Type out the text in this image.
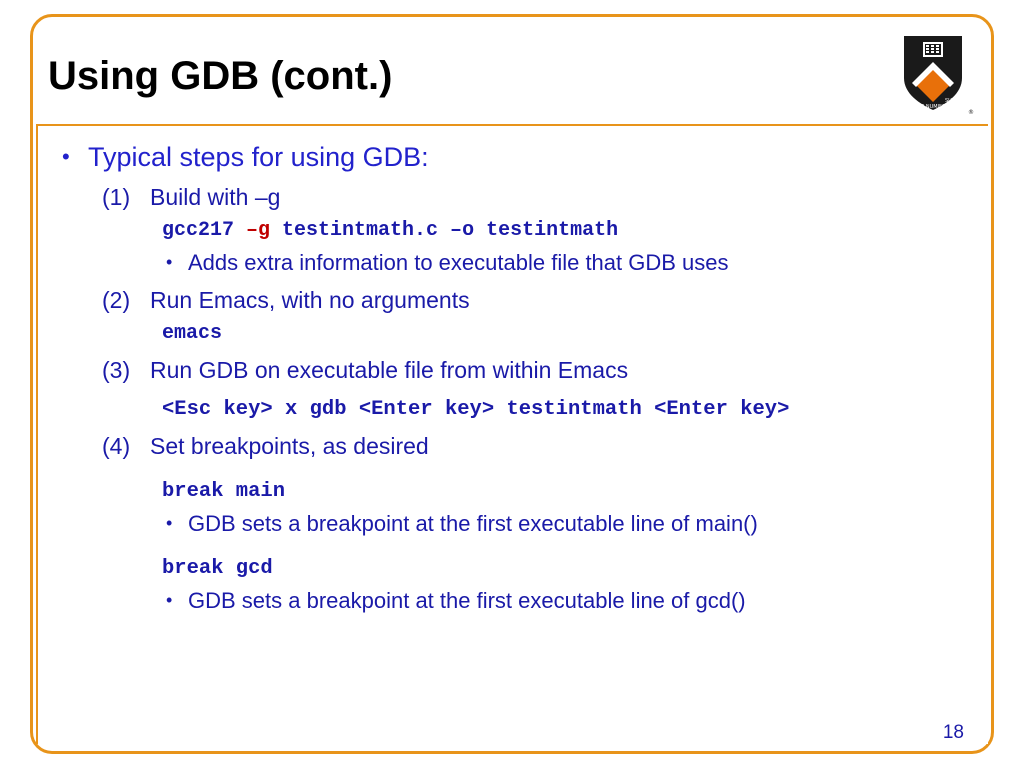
Using GDB (cont.)
DEI	SUB
SUB NUMINE
®
• Typical steps for using GDB:
(1) Build with –g
gcc217 –g testintmath.c –o testintmath
• Adds extra information to executable file that GDB uses
(2) Run Emacs, with no arguments
emacs
(3) Run GDB on executable file from within Emacs
<Esc key> x gdb <Enter key> testintmath <Enter key>
(4) Set breakpoints, as desired
break main
• GDB sets a breakpoint at the first executable line of main()
break gcd
• GDB sets a breakpoint at the first executable line of gcd()
18
